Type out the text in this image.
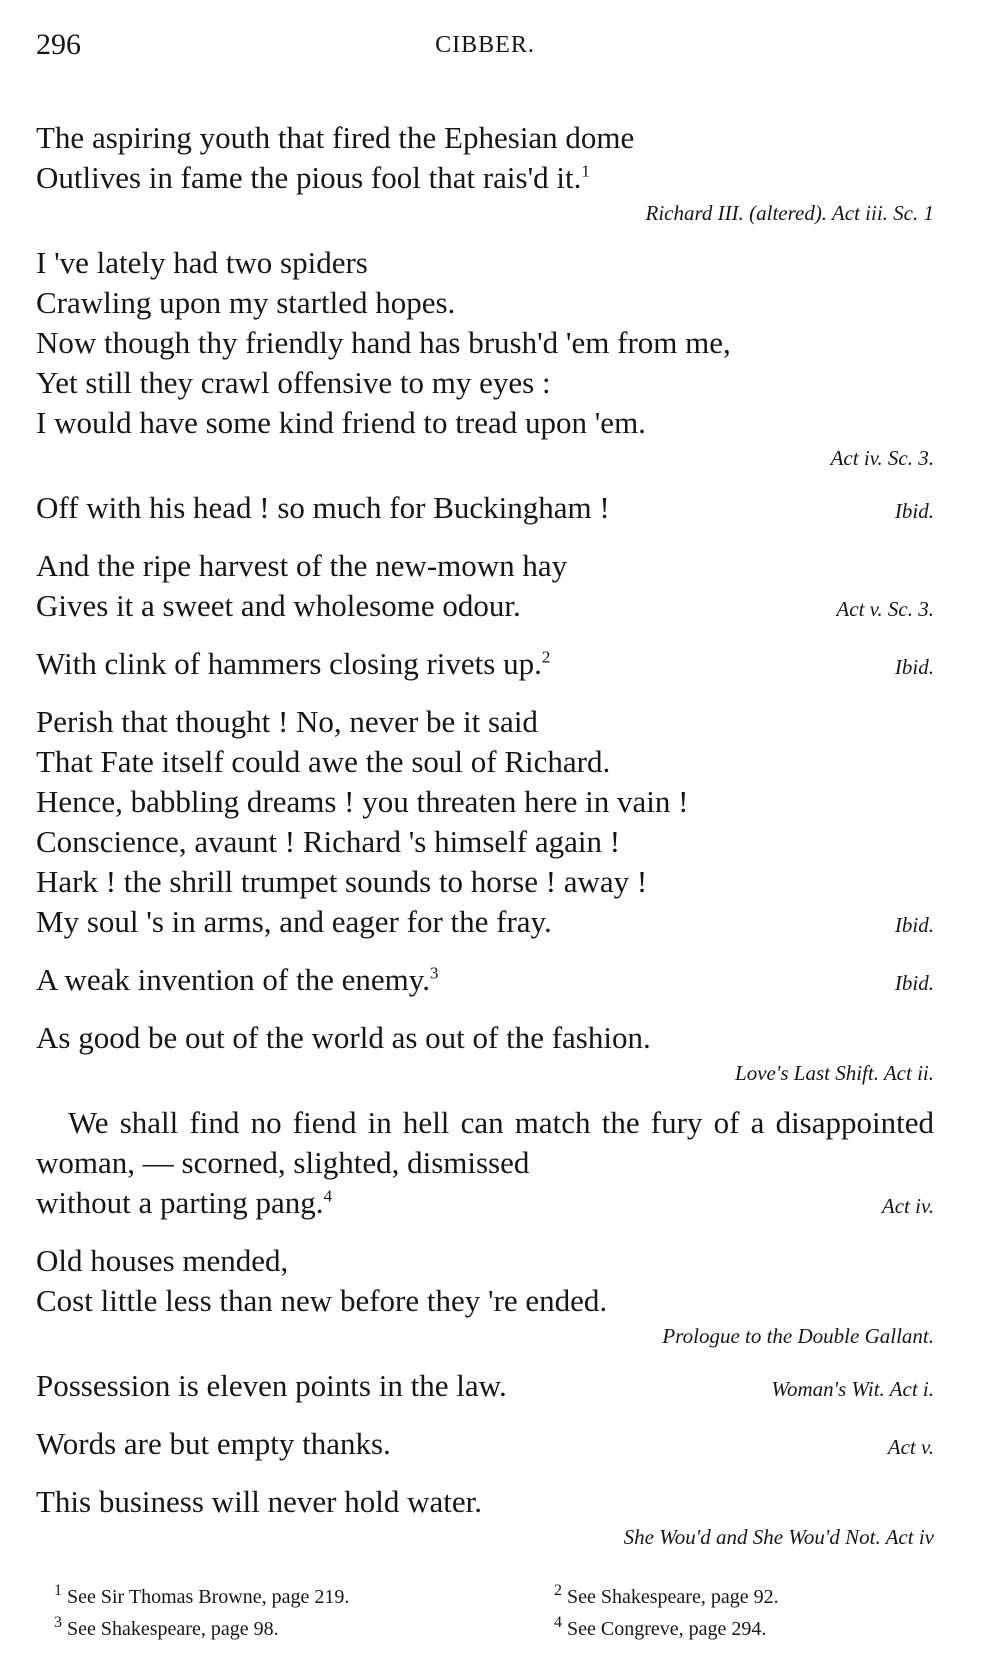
296	CIBBER.
The aspiring youth that fired the Ephesian dome
Outlives in fame the pious fool that rais'd it.$^1$
Richard III. (altered). Act iii. Sc. 1
I 've lately had two spiders
Crawling upon my startled hopes.
Now though thy friendly hand has brush'd 'em from me,
Yet still they crawl offensive to my eyes :
I would have some kind friend to tread upon 'em.
Act iv. Sc. 3.
Off with his head ! so much for Buckingham !	Ibid.
And the ripe harvest of the new-mown hay
Gives it a sweet and wholesome odour.	Act v. Sc. 3.
With clink of hammers closing rivets up.$^2$	Ibid.
Perish that thought ! No, never be it said
That Fate itself could awe the soul of Richard.
Hence, babbling dreams ! you threaten here in vain !
Conscience, avaunt ! Richard 's himself again !
Hark ! the shrill trumpet sounds to horse ! away !
My soul 's in arms, and eager for the fray.	Ibid.
A weak invention of the enemy.$^3$	Ibid.
As good be out of the world as out of the fashion.
Love's Last Shift. Act ii.
We shall find no fiend in hell can match the fury of a disappointed woman, — scorned, slighted, dismissed
without a parting pang.$^4$	Act iv.
Old houses mended,
Cost little less than new before they 're ended.
Prologue to the Double Gallant.
Possession is eleven points in the law.	Woman's Wit. Act i.
Words are but empty thanks.	Act v.
This business will never hold water.
She Wou'd and She Wou'd Not. Act iv
$^1$ See Sir Thomas Browne, page 219.	$^2$ See Shakespeare, page 92.
$^3$ See Shakespeare, page 98.	$^4$ See Congreve, page 294.
